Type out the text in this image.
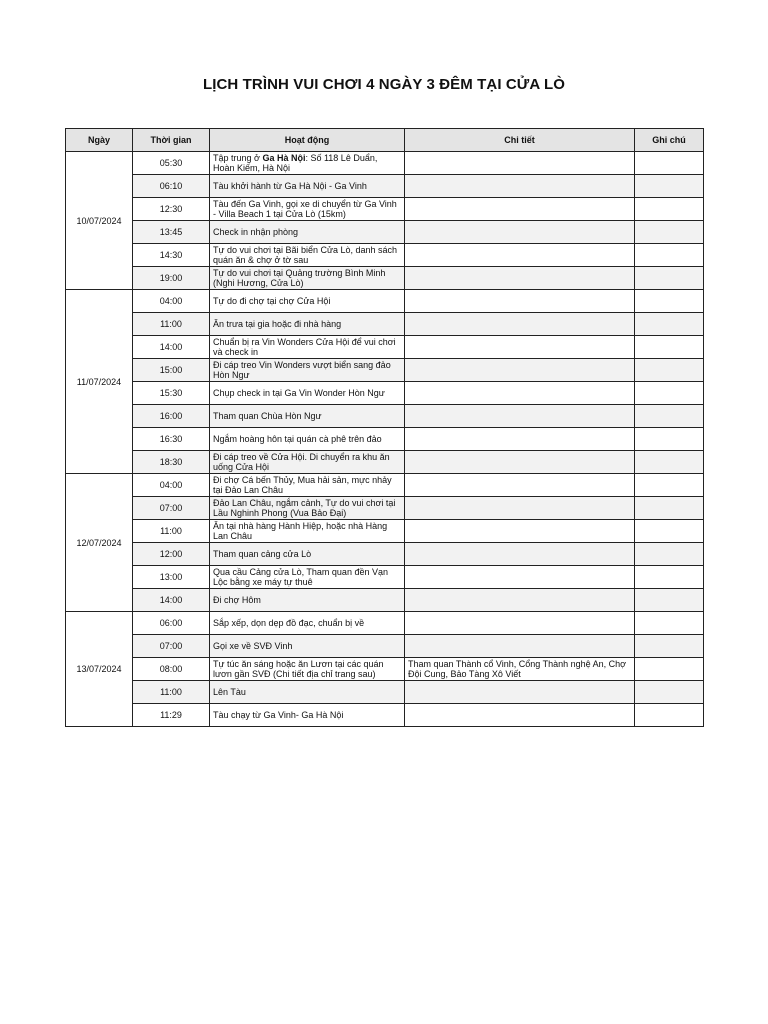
LỊCH TRÌNH VUI CHƠI 4 NGÀY 3 ĐÊM TẠI CỬA LÒ
Ngày	Thời gian	Hoạt động	Chi tiết	Ghi chú
10/07/2024	05:30	Tập trung ở Ga Hà Nội: Số 118 Lê Duẩn, Hoàn Kiếm, Hà Nội		
	06:10	Tàu khởi hành từ Ga Hà Nội - Ga Vinh		
	12:30	Tàu đến Ga Vinh, gọi xe di chuyển từ Ga Vinh - Villa Beach 1 tại Cửa Lò (15km)		
	13:45	Check in nhận phòng		
	14:30	Tự do vui chơi tại Bãi biển Cửa Lò, danh sách quán ăn & chợ ở tờ sau		
	19:00	Tự do vui chơi tại Quảng trường Bình Minh (Nghi Hương, Cửa Lò)		
11/07/2024	04:00	Tự do đi chợ tại chợ Cửa Hội		
	11:00	Ăn trưa tại gia hoặc đi nhà hàng		
	14:00	Chuẩn bị ra Vin Wonders Cửa Hội để vui chơi và check in		
	15:00	Đi cáp treo Vin Wonders vượt biển sang đảo Hòn Ngư		
	15:30	Chụp check in tại Ga Vin Wonder Hòn Ngư		
	16:00	Tham quan Chùa Hòn Ngư		
	16:30	Ngắm hoàng hôn tại quán cà phê trên đảo		
	18:30	Đi cáp treo về Cửa Hội. Di chuyển ra khu ăn uống Cửa Hội		
12/07/2024	04:00	Đi chợ Cá bến Thủy, Mua hải sản, mực nhảy tại Đảo Lan Châu		
	07:00	Đảo Lan Châu, ngắm cảnh, Tự do vui chơi tại Lầu Nghinh Phong (Vua Bảo Đại)		
	11:00	Ăn tại nhà hàng Hành Hiệp, hoặc nhà Hàng Lan Châu		
	12:00	Tham quan cảng cửa Lò		
	13:00	Qua cầu Cảng cửa Lò, Tham quan đền Vạn Lộc bằng xe máy tự thuê		
	14:00	Đi chợ Hôm		
13/07/2024	06:00	Sắp xếp, dọn dẹp đồ đạc, chuẩn bị về		
	07:00	Gọi xe về SVĐ Vinh		
	08:00	Tự túc ăn sáng hoặc ăn Lươn tại các quán lươn gần SVĐ (Chi tiết địa chỉ trang sau)	Tham quan Thành cổ Vinh, Cổng Thành nghệ An, Chợ Đội Cung, Bảo Tàng Xô Viết	
	11:00	Lên Tàu		
	11:29	Tàu chạy từ Ga Vinh- Ga Hà Nội		
